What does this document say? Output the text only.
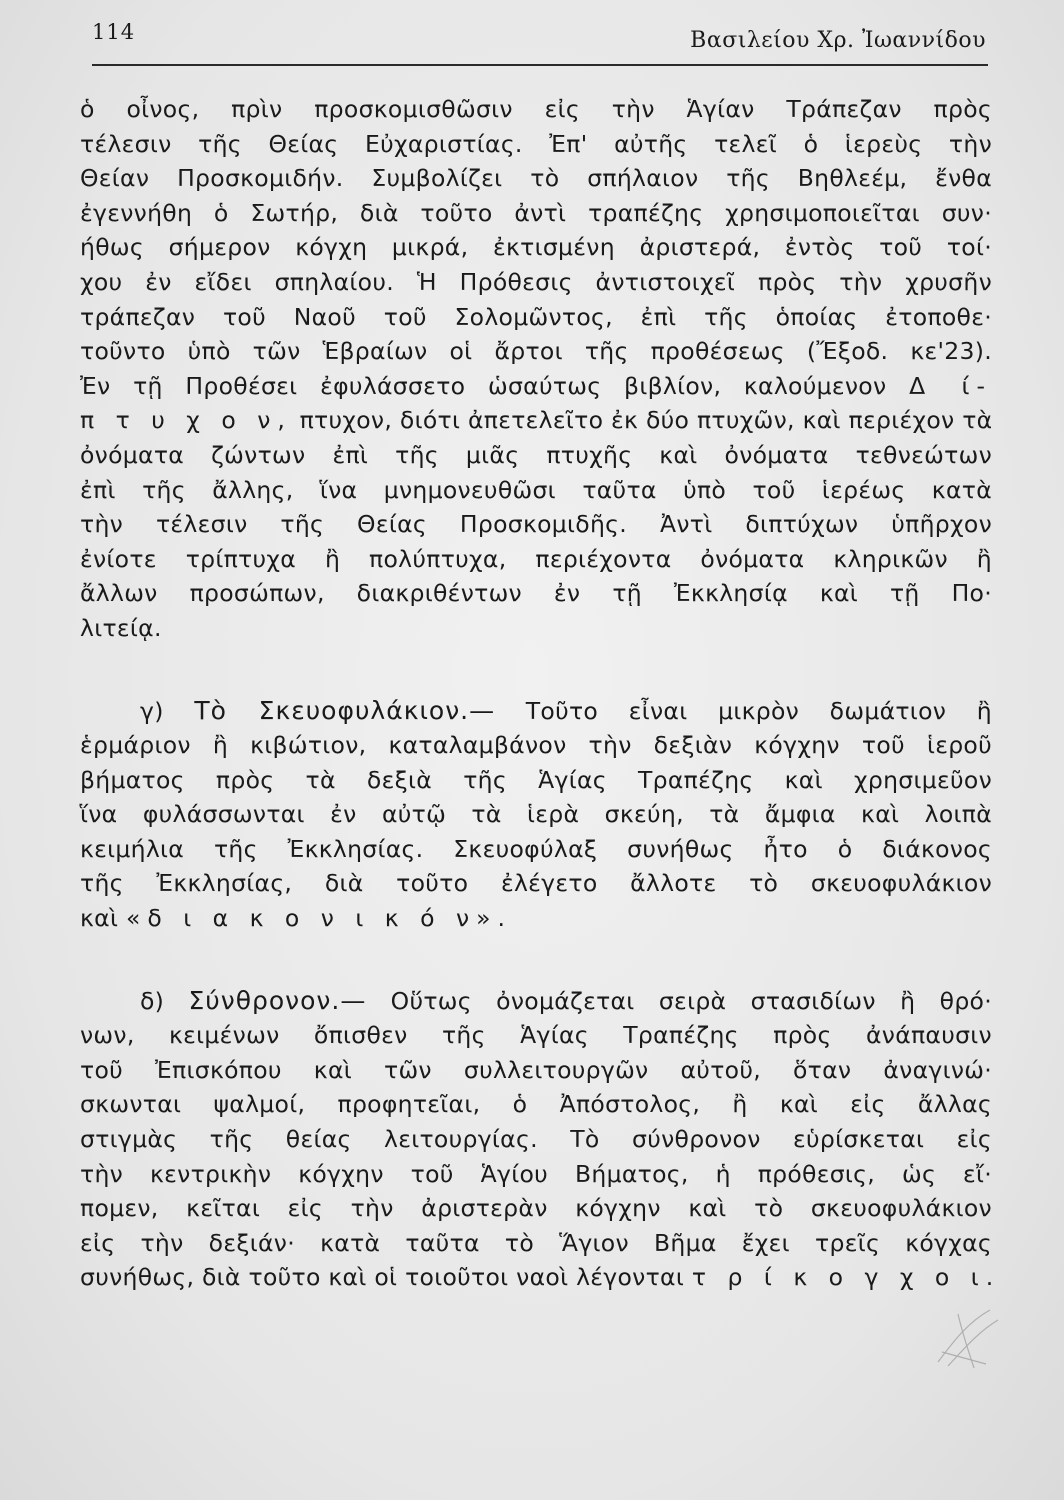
114	Βασιλείου Χρ. Ἰωαννίδου
ὁ οἶνος, πρὶν προσκομισθῶσιν εἰς τὴν Ἁγίαν Τράπεζαν πρὸς
τέλεσιν τῆς Θείας Εὐχαριστίας. Ἐπ' αὐτῆς τελεῖ ὁ ἱερεὺς τὴν
Θείαν Προσκομιδήν. Συμβολίζει τὸ σπήλαιον τῆς Βηθλεέμ, ἔνθα
ἐγεννήθη ὁ Σωτήρ, διὰ τοῦτο ἀντὶ τραπέζης χρησιμοποιεῖται συν·
ήθως σήμερον κόγχη μικρά, ἐκτισμένη ἀριστερά, ἐντὸς τοῦ τοί·
χου ἐν εἴδει σπηλαίου. Ἡ Πρόθεσις ἀντιστοιχεῖ πρὸς τὴν χρυσῆν
τράπεζαν τοῦ Ναοῦ τοῦ Σολομῶντος, ἐπὶ τῆς ὁποίας ἐτοποθε·
τοῦντο ὑπὸ τῶν Ἑβραίων οἱ ἄρτοι τῆς προθέσεως (Ἔξοδ. κε'23).
Ἐν τῇ Προθέσει ἐφυλάσσετο ὡσαύτως βιβλίον, καλούμενον Δ ί-
π τ υ χ ο ν, πτυχον, διότι ἀπετελεῖτο ἐκ δύο πτυχῶν, καὶ περιέχον τὰ
ὀνόματα ζώντων ἐπὶ τῆς μιᾶς πτυχῆς καὶ ὀνόματα τεθνεώτων
ἐπὶ τῆς ἄλλης, ἵνα μνημονευθῶσι ταῦτα ὑπὸ τοῦ ἱερέως κατὰ
τὴν τέλεσιν τῆς Θείας Προσκομιδῆς. Ἀντὶ διπτύχων ὑπῆρχον
ἐνίοτε τρίπτυχα ἢ πολύπτυχα, περιέχοντα ὀνόματα κληρικῶν ἢ
ἄλλων προσώπων, διακριθέντων ἐν τῇ Ἐκκλησίᾳ καὶ τῇ Πο·
λιτείᾳ.
γ) Τὸ Σκευοφυλάκιον.— Τοῦτο εἶναι μικρὸν δωμάτιον ἢ
ἑρμάριον ἢ κιβώτιον, καταλαμβάνον τὴν δεξιὰν κόγχην τοῦ ἱεροῦ
βήματος πρὸς τὰ δεξιὰ τῆς Ἁγίας Τραπέζης καὶ χρησιμεῦον
ἵνα φυλάσσωνται ἐν αὐτῷ τὰ ἱερὰ σκεύη, τὰ ἄμφια καὶ λοιπὰ
κειμήλια τῆς Ἐκκλησίας. Σκευοφύλαξ συνήθως ἦτο ὁ διάκονος
τῆς Ἐκκλησίας, διὰ τοῦτο ἐλέγετο ἄλλοτε τὸ σκευοφυλάκιον
καὶ «δ ι α κ ο ν ι κ ό ν».
δ) Σύνθρονον.— Οὕτως ὀνομάζεται σειρὰ στασιδίων ἢ θρό·
νων, κειμένων ὄπισθεν τῆς Ἁγίας Τραπέζης πρὸς ἀνάπαυσιν
τοῦ Ἐπισκόπου καὶ τῶν συλλειτουργῶν αὐτοῦ, ὅταν ἀναγινώ·
σκωνται ψαλμοί, προφητεῖαι, ὁ Ἀπόστολος, ἢ καὶ εἰς ἄλλας
στιγμὰς τῆς θείας λειτουργίας. Τὸ σύνθρονον εὑρίσκεται εἰς
τὴν κεντρικὴν κόγχην τοῦ Ἁγίου Βήματος, ἡ πρόθεσις, ὡς εἴ·
πομεν, κεῖται εἰς τὴν ἀριστερὰν κόγχην καὶ τὸ σκευοφυλάκιον
εἰς τὴν δεξιάν· κατὰ ταῦτα τὸ Ἅγιον Βῆμα ἔχει τρεῖς κόγχας
συνήθως, διὰ τοῦτο καὶ οἱ τοιοῦτοι ναοὶ λέγονται τ ρ ί κ ο γ χ ο ι.
